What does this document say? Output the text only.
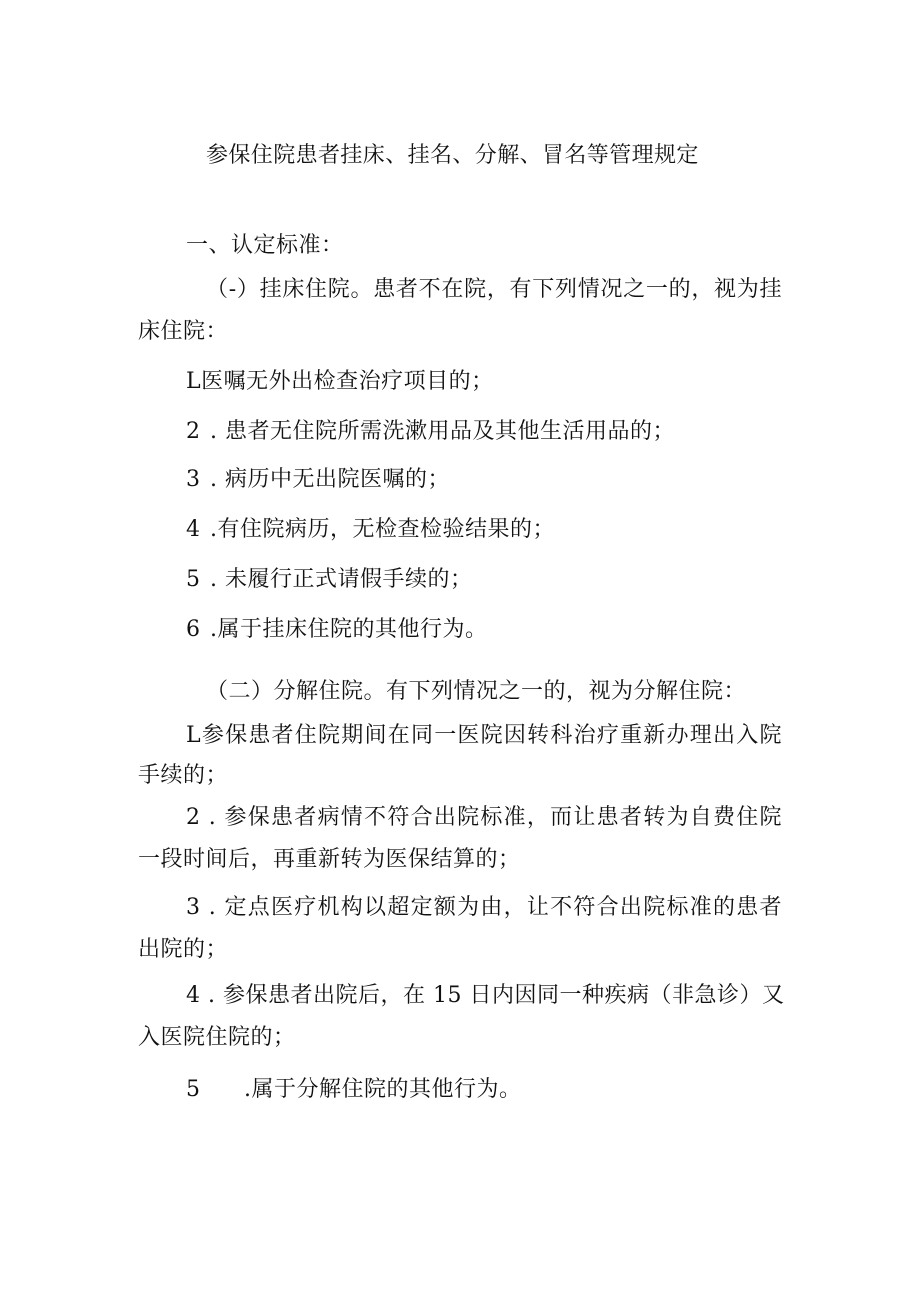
参保住院患者挂床、挂名、分解、冒名等管理规定
一、认定标准：
（-）挂床住院。患者不在院，有下列情况之一的，视为挂
床住院：
L医嘱无外出检查治疗项目的；
2 . 患者无住院所需洗漱用品及其他生活用品的；
3 . 病历中无出院医嘱的；
4 .有住院病历，无检查检验结果的；
5 . 未履行正式请假手续的；
6 .属于挂床住院的其他行为。
（二）分解住院。有下列情况之一的，视为分解住院：
L参保患者住院期间在同一医院因转科治疗重新办理出入院
手续的；
2 . 参保患者病情不符合出院标准，而让患者转为自费住院
一段时间后，再重新转为医保结算的；
3 . 定点医疗机构以超定额为由，让不符合出院标准的患者
出院的；
4 . 参保患者出院后，在 15 日内因同一种疾病（非急诊）又
入医院住院的；
5 .属于分解住院的其他行为。
